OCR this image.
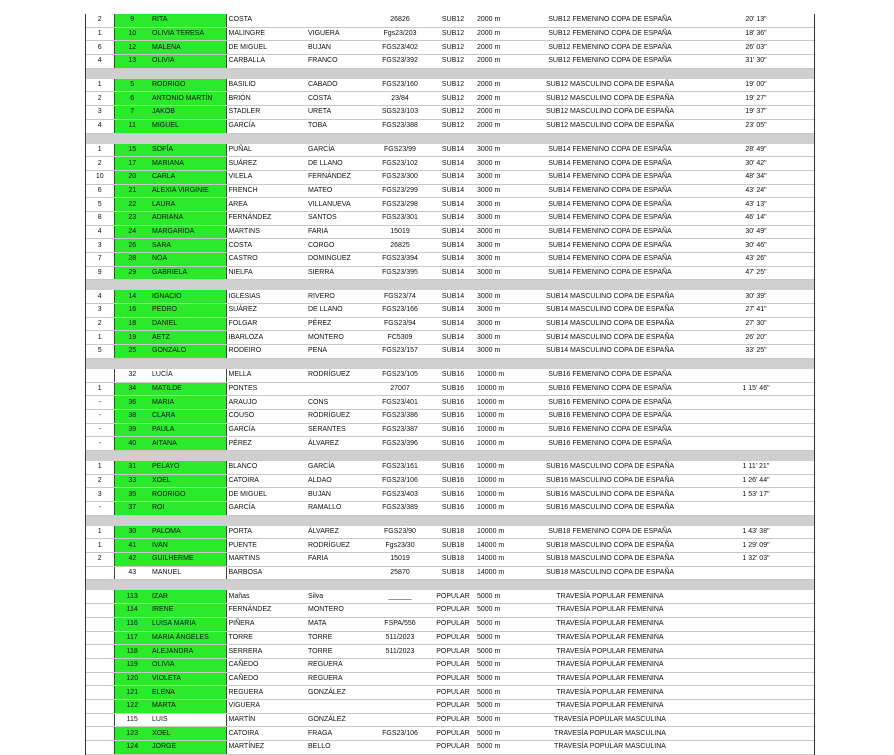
2	9	RITA	COSTA		26826	SUB12	2000 m	SUB12 FEMENINO COPA DE ESPAÑA	20' 13"
1	10	OLIVIA TERESA	MALINGRE	VIGUERA	Fgs23/203	SUB12	2000 m	SUB12 FEMENINO COPA DE ESPAÑA	18' 36"
6	12	MALENA	DE MIGUEL	BUJAN	FGS23/402	SUB12	2000 m	SUB12 FEMENINO COPA DE ESPAÑA	26' 03"
4	13	OLIVIA	CARBALLA	FRANCO	FGS23/392	SUB12	2000 m	SUB12 FEMENINO COPA DE ESPAÑA	31' 30"

1	5	RODRIGO	BASILIO	CABADO	FGS23/160	SUB12	2000 m	SUB12 MASCULINO COPA DE ESPAÑA	19' 00"
2	6	ANTONIO MARTÍN	BRIÓN	COSTA	23/84	SUB12	2000 m	SUB12 MASCULINO COPA DE ESPAÑA	19' 27"
3	7	JAKOB	STADLER	URETA	SGS23/103	SUB12	2000 m	SUB12 MASCULINO COPA DE ESPAÑA	19' 37"
4	11	MIGUEL	GARCÍA	TOBA	FGS23/388	SUB12	2000 m	SUB12 MASCULINO COPA DE ESPAÑA	23' 05"

1	15	SOFÍA	PUÑAL	GARCÍA	FGS23/99	SUB14	3000 m	SUB14 FEMENINO COPA DE ESPAÑA	28' 49"
2	17	MARIANA	SUÁREZ	DE LLANO	FGS23/102	SUB14	3000 m	SUB14 FEMENINO COPA DE ESPAÑA	30' 42"
10	20	CARLA	VILELA	FERNÁNDEZ	FGS23/300	SUB14	3000 m	SUB14 FEMENINO COPA DE ESPAÑA	48' 34"
6	21	ALEXIA VIRGINIE	FRENCH	MATEO	FGS23/299	SUB14	3000 m	SUB14 FEMENINO COPA DE ESPAÑA	43' 24"
5	22	LAURA	AREA	VILLANUEVA	FGS23/298	SUB14	3000 m	SUB14 FEMENINO COPA DE ESPAÑA	43' 13"
8	23	ADRIANA	FERNÁNDEZ	SANTOS	FGS23/301	SUB14	3000 m	SUB14 FEMENINO COPA DE ESPAÑA	46' 14"
4	24	MARGARIDA	MARTINS	FARIA	15019	SUB14	3000 m	SUB14 FEMENINO COPA DE ESPAÑA	30' 49"
3	26	SARA	COSTA	CORGO	26825	SUB14	3000 m	SUB14 FEMENINO COPA DE ESPAÑA	30' 46"
7	28	NOA	CASTRO	DOMINGUEZ	FGS23/394	SUB14	3000 m	SUB14 FEMENINO COPA DE ESPAÑA	43' 26"
9	29	GABRIELA	NIELFA	SIERRA	FGS23/395	SUB14	3000 m	SUB14 FEMENINO COPA DE ESPAÑA	47' 25"

4	14	IGNACIO	IGLESIAS	RIVERO	FGS23/74	SUB14	3000 m	SUB14 MASCULINO COPA DE ESPAÑA	30' 39"
3	16	PEDRO	SUÁREZ	DE LLANO	FGS23/166	SUB14	3000 m	SUB14 MASCULINO COPA DE ESPAÑA	27' 41"
2	18	DANIEL	FOLGAR	PÉREZ	FGS23/94	SUB14	3000 m	SUB14 MASCULINO COPA DE ESPAÑA	27' 30"
1	19	AETZ	IBARLOZA	MONTERO	FC5309	SUB14	3000 m	SUB14 MASCULINO COPA DE ESPAÑA	26' 20"
5	25	GONZALO	RODEIRO	PENA	FGS23/157	SUB14	3000 m	SUB14 MASCULINO COPA DE ESPAÑA	33' 25"

	32	LUCÍA	MELLA	RODRÍGUEZ	FGS23/105	SUB16	10000 m	SUB16 FEMENINO COPA DE ESPAÑA	
1	34	MATILDE	PONTES		27007	SUB16	10000 m	SUB16 FEMENINO COPA DE ESPAÑA	1 15' 46"
-	36	MARIA	ARAUJO	CONS	FGS23/401	SUB16	10000 m	SUB16 FEMENINO COPA DE ESPAÑA	
-	38	CLARA	COUSO	RODRÍGUEZ	FGS23/386	SUB16	10000 m	SUB16 FEMENINO COPA DE ESPAÑA	
-	39	PAULA	GARCÍA	SERANTES	FGS23/387	SUB16	10000 m	SUB16 FEMENINO COPA DE ESPAÑA	
-	40	AITANA	PÉREZ	ÁLVAREZ	FGS23/396	SUB16	10000 m	SUB16 FEMENINO COPA DE ESPAÑA	

1	31	PELAYO	BLANCO	GARCÍA	FGS23/161	SUB16	10000 m	SUB16 MASCULINO COPA DE ESPAÑA	1 11' 21"
2	33	XOEL	CATOIRA	ALDAO	FGS23/106	SUB16	10000 m	SUB16 MASCULINO COPA DE ESPAÑA	1 26' 44"
3	35	RODRIGO	DE MIGUEL	BUJAN	FGS23/403	SUB16	10000 m	SUB16 MASCULINO COPA DE ESPAÑA	1 53' 17"
-	37	ROI	GARCÍA	RAMALLO	FGS23/389	SUB16	10000 m	SUB16 MASCULINO COPA DE ESPAÑA	

1	30	PALOMA	PORTA	ÁLVAREZ	FGS23/90	SUB18	10000 m	SUB18 FEMENINO COPA DE ESPAÑA	1 43' 38"
1	41	IVAN	PUENTE	RODRÍGUEZ	Fgs23/30	SUB18	14000 m	SUB18 MASCULINO COPA DE ESPAÑA	1 29' 09"
2	42	GUILHERME	MARTINS	FARIA	15019	SUB18	14000 m	SUB18 MASCULINO COPA DE ESPAÑA	1 32' 03"
	43	MANUEL	BARBOSA		25870	SUB18	14000 m	SUB18 MASCULINO COPA DE ESPAÑA	

	113	IZAR	Mañas	Silva	______	POPULAR	5000 m	TRAVESÍA POPULAR FEMENINA	
	114	IRENE	FERNÁNDEZ	MONTERO		POPULAR	5000 m	TRAVESÍA POPULAR FEMENINA	
	116	LUISA MARIA	PIÑERA	MATA	FSPA/556	POPULAR	5000 m	TRAVESÍA POPULAR FEMENINA	
	117	MARIA ÁNGELES	TORRE	TORRE	511/2023	POPULAR	5000 m	TRAVESÍA POPULAR FEMENINA	
	118	ALEJANDRA	SERRERA	TORRE	511/2023	POPULAR	5000 m	TRAVESÍA POPULAR FEMENINA	
	119	OLIVIA	CAÑEDO	REGUERA		POPULAR	5000 m	TRAVESÍA POPULAR FEMENINA	
	120	VIOLETA	CAÑEDO	REGUERA		POPULAR	5000 m	TRAVESÍA POPULAR FEMENINA	
	121	ELENA	REGUERA	GONZÁLEZ		POPULAR	5000 m	TRAVESÍA POPULAR FEMENINA	
	122	MARTA	VIGUERA			POPULAR	5000 m	TRAVESÍA POPULAR FEMENINA	
	115	LUIS	MARTÍN	GONZÁLEZ		POPULAR	5000 m	TRAVESÍA POPULAR MASCULINA	
	123	XOEL	CATOIRA	FRAGA	FGS23/106	POPULAR	5000 m	TRAVESÍA POPULAR MASCULINA	
	124	JORGE	MARTÍNEZ	BELLO		POPULAR	5000 m	TRAVESÍA POPULAR MASCULINA	
